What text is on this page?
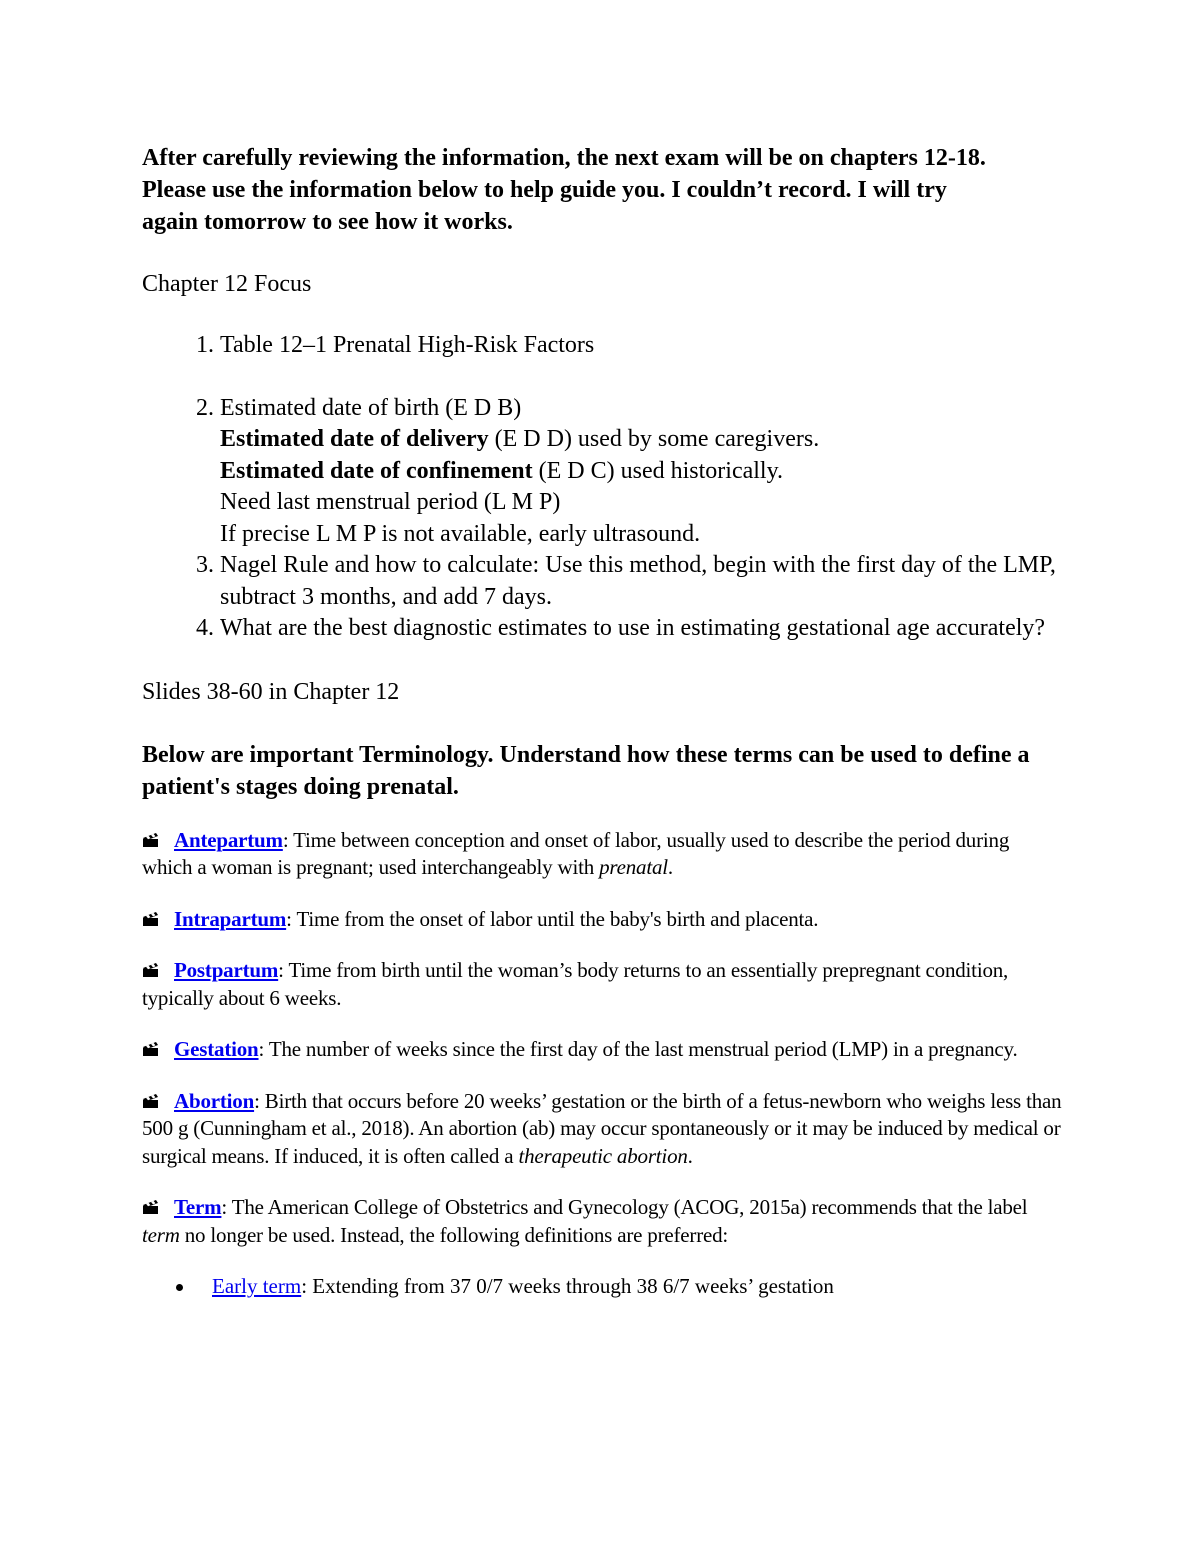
After carefully reviewing the information, the next exam will be on chapters 12-18.
Please use the information below to help guide you. I couldn’t record. I will try
again tomorrow to see how it works.

Chapter 12 Focus

1. Table 12–1 Prenatal High-Risk Factors
2. Estimated date of birth (E D B)
Estimated date of delivery (E D D) used by some caregivers.
Estimated date of confinement (E D C) used historically.
Need last menstrual period (L M P)
If precise L M P is not available, early ultrasound.
3. Nagel Rule and how to calculate: Use this method, begin with the first day of the LMP, subtract 3 months, and add 7 days.
4. What are the best diagnostic estimates to use in estimating gestational age accurately?

Slides 38-60 in Chapter 12

Below are important Terminology. Understand how these terms can be used to define a patient's stages doing prenatal.

Antepartum: Time between conception and onset of labor, usually used to describe the period during which a woman is pregnant; used interchangeably with prenatal.

Intrapartum: Time from the onset of labor until the baby's birth and placenta.

Postpartum: Time from birth until the woman’s body returns to an essentially prepregnant condition, typically about 6 weeks.

Gestation: The number of weeks since the first day of the last menstrual period (LMP) in a pregnancy.

Abortion: Birth that occurs before 20 weeks’ gestation or the birth of a fetus-newborn who weighs less than 500 g (Cunningham et al., 2018). An abortion (ab) may occur spontaneously or it may be induced by medical or surgical means. If induced, it is often called a therapeutic abortion.

Term: The American College of Obstetrics and Gynecology (ACOG, 2015a) recommends that the label term no longer be used. Instead, the following definitions are preferred:

Early term: Extending from 37 0/7 weeks through 38 6/7 weeks’ gestation
